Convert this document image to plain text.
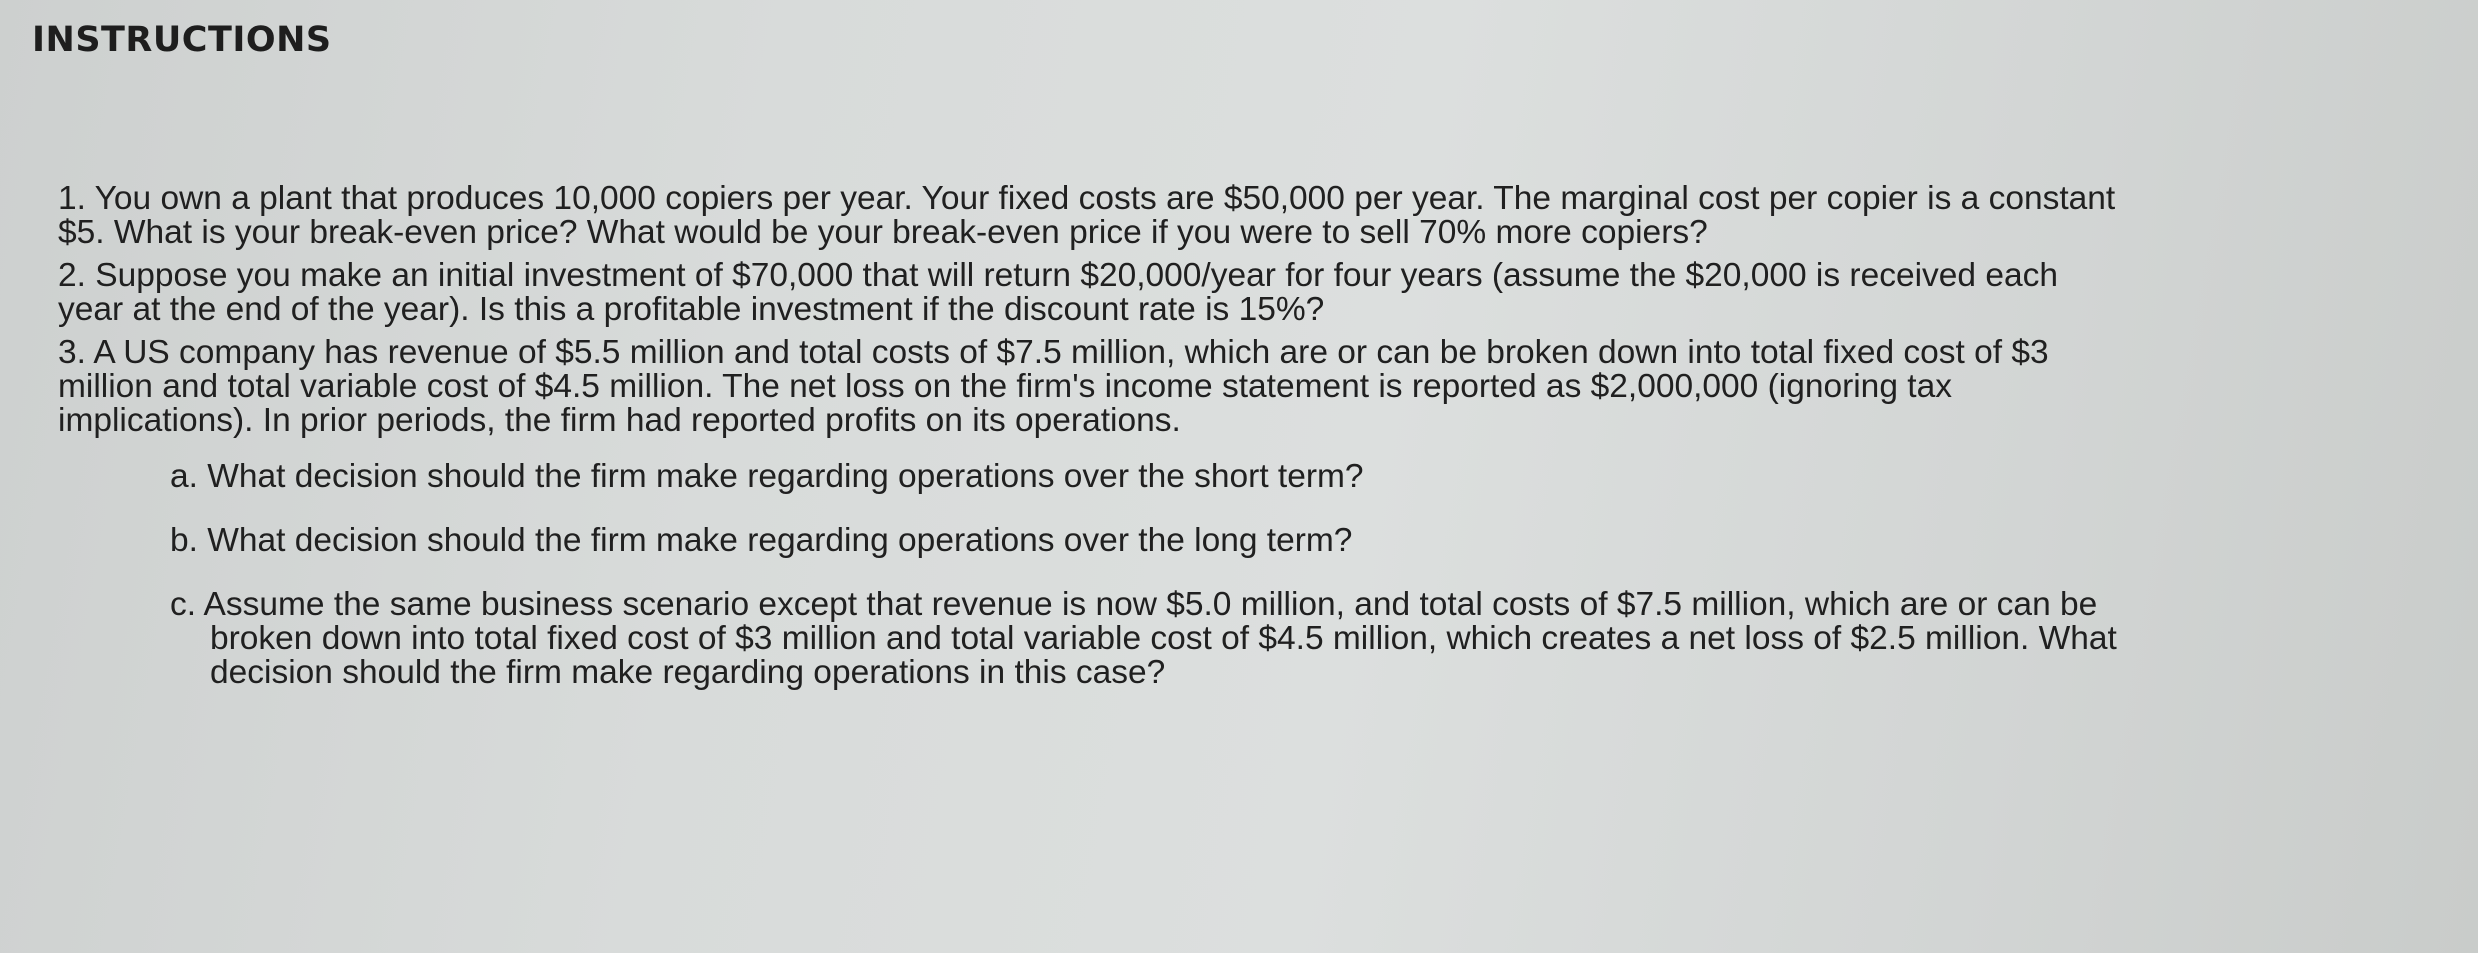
INSTRUCTIONS
1. You own a plant that produces 10,000 copiers per year. Your fixed costs are $50,000 per year. The marginal cost per copier is a constant
$5. What is your break-even price? What would be your break-even price if you were to sell 70% more copiers?
2. Suppose you make an initial investment of $70,000 that will return $20,000/year for four years (assume the $20,000 is received each
year at the end of the year). Is this a profitable investment if the discount rate is 15%?
3. A US company has revenue of $5.5 million and total costs of $7.5 million, which are or can be broken down into total fixed cost of $3
million and total variable cost of $4.5 million. The net loss on the firm's income statement is reported as $2,000,000 (ignoring tax
implications). In prior periods, the firm had reported profits on its operations.
a. What decision should the firm make regarding operations over the short term?
b. What decision should the firm make regarding operations over the long term?
c. Assume the same business scenario except that revenue is now $5.0 million, and total costs of $7.5 million, which are or can be
broken down into total fixed cost of $3 million and total variable cost of $4.5 million, which creates a net loss of $2.5 million. What
decision should the firm make regarding operations in this case?
